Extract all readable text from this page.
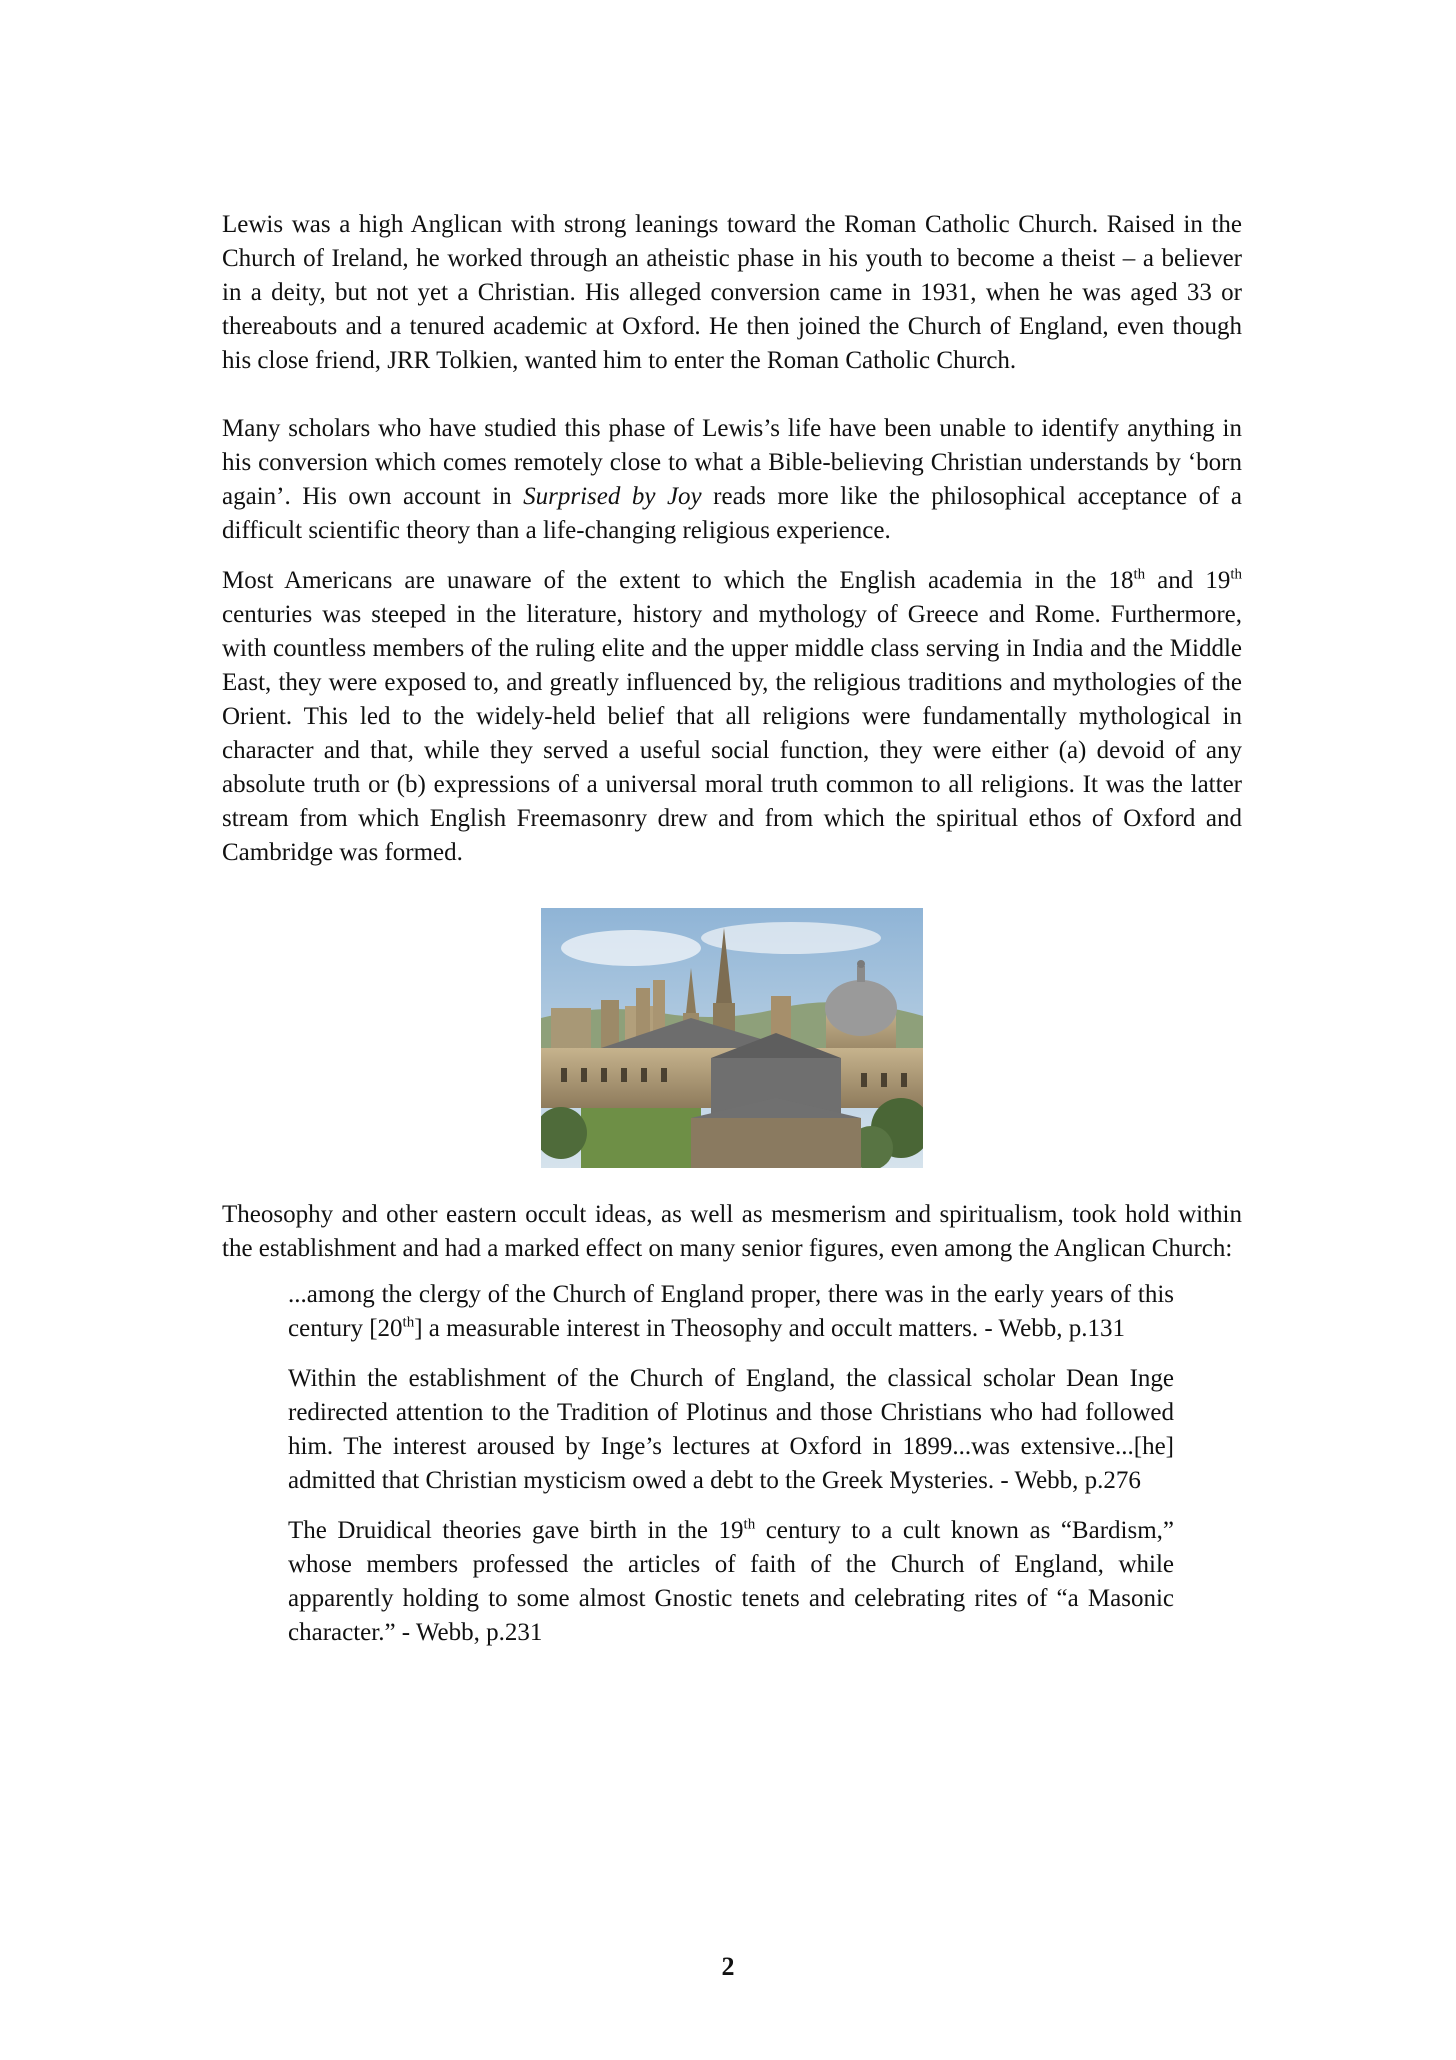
Lewis was a high Anglican with strong leanings toward the Roman Catholic Church. Raised in the Church of Ireland, he worked through an atheistic phase in his youth to become a theist – a believer in a deity, but not yet a Christian. His alleged conversion came in 1931, when he was aged 33 or thereabouts and a tenured academic at Oxford. He then joined the Church of England, even though his close friend, JRR Tolkien, wanted him to enter the Roman Catholic Church.

Many scholars who have studied this phase of Lewis’s life have been unable to identify anything in his conversion which comes remotely close to what a Bible-believing Christian understands by ‘born again’. His own account in Surprised by Joy reads more like the philosophical acceptance of a difficult scientific theory than a life-changing religious experience.

Most Americans are unaware of the extent to which the English academia in the 18th and 19th centuries was steeped in the literature, history and mythology of Greece and Rome. Furthermore, with countless members of the ruling elite and the upper middle class serving in India and the Middle East, they were exposed to, and greatly influenced by, the religious traditions and mythologies of the Orient. This led to the widely-held belief that all religions were fundamentally mythological in character and that, while they served a useful social function, they were either (a) devoid of any absolute truth or (b) expressions of a universal moral truth common to all religions. It was the latter stream from which English Freemasonry drew and from which the spiritual ethos of Oxford and Cambridge was formed.

Theosophy and other eastern occult ideas, as well as mesmerism and spiritualism, took hold within the establishment and had a marked effect on many senior figures, even among the Anglican Church:

...among the clergy of the Church of England proper, there was in the early years of this century [20th] a measurable interest in Theosophy and occult matters. - Webb, p.131

Within the establishment of the Church of England, the classical scholar Dean Inge redirected attention to the Tradition of Plotinus and those Christians who had followed him. The interest aroused by Inge’s lectures at Oxford in 1899...was extensive...[he] admitted that Christian mysticism owed a debt to the Greek Mysteries. - Webb, p.276

The Druidical theories gave birth in the 19th century to a cult known as “Bardism,” whose members professed the articles of faith of the Church of England, while apparently holding to some almost Gnostic tenets and celebrating rites of “a Masonic character.” - Webb, p.231

2
